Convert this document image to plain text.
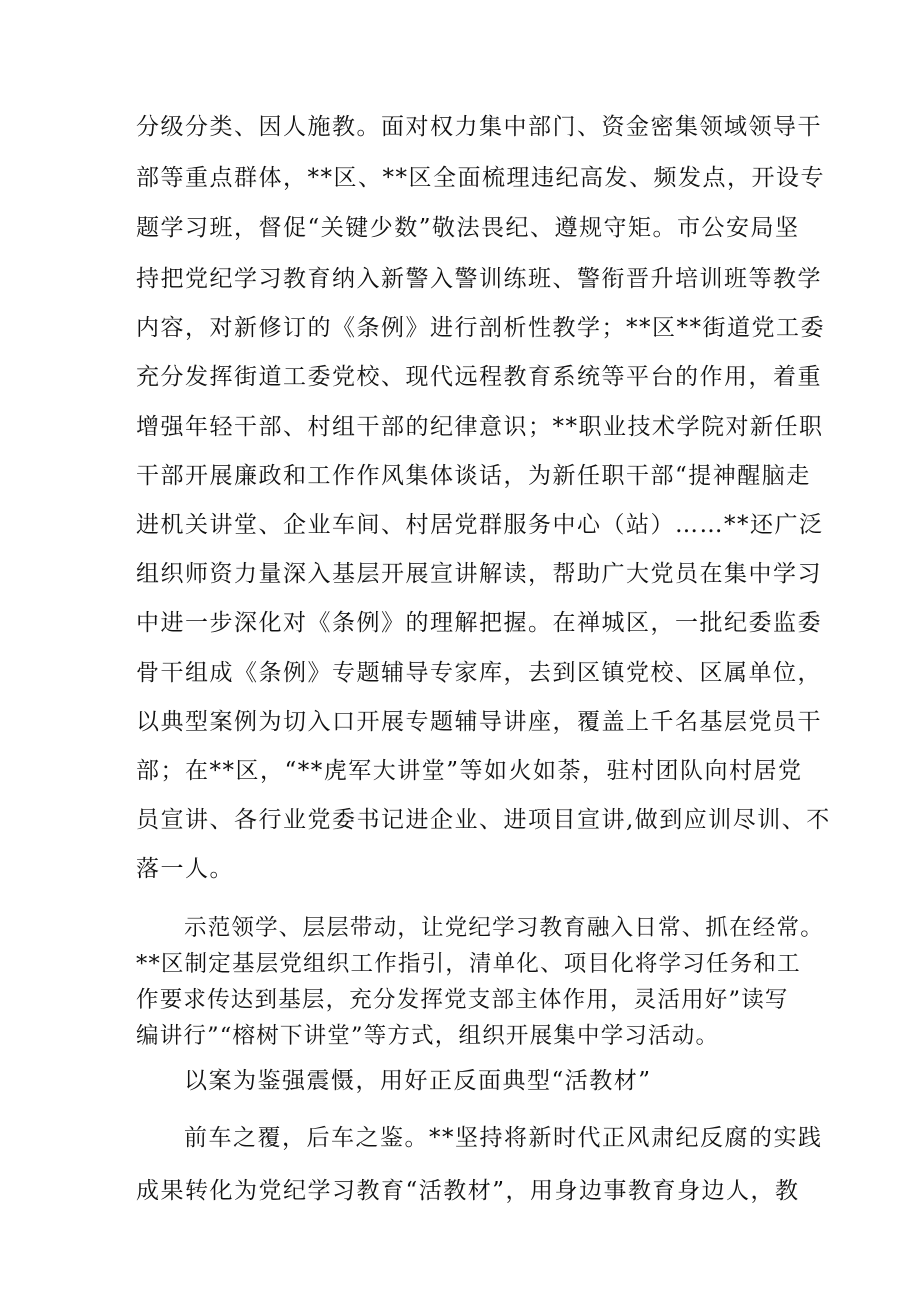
分级分类、因人施教。面对权力集中部门、资金密集领域领导干
部等重点群体，**区、**区全面梳理违纪高发、频发点，开设专
题学习班，督促“关键少数”敬法畏纪、遵规守矩。市公安局坚
持把党纪学习教育纳入新警入警训练班、警衔晋升培训班等教学
内容，对新修订的《条例》进行剖析性教学；**区**街道党工委
充分发挥街道工委党校、现代远程教育系统等平台的作用，着重
增强年轻干部、村组干部的纪律意识；**职业技术学院对新任职
干部开展廉政和工作作风集体谈话，为新任职干部“提神醒脑走
进机关讲堂、企业车间、村居党群服务中心（站）……**还广泛
组织师资力量深入基层开展宣讲解读，帮助广大党员在集中学习
中进一步深化对《条例》的理解把握。在禅城区，一批纪委监委
骨干组成《条例》专题辅导专家库，去到区镇党校、区属单位，
以典型案例为切入口开展专题辅导讲座，覆盖上千名基层党员干
部；在**区，“**虎军大讲堂”等如火如荼，驻村团队向村居党
员宣讲、各行业党委书记进企业、进项目宣讲,做到应训尽训、不
落一人。
示范领学、层层带动，让党纪学习教育融入日常、抓在经常。
**区制定基层党组织工作指引，清单化、项目化将学习任务和工
作要求传达到基层，充分发挥党支部主体作用，灵活用好”读写
编讲行”“榕树下讲堂”等方式，组织开展集中学习活动。
以案为鉴强震慑，用好正反面典型“活教材”
前车之覆，后车之鉴。**坚持将新时代正风肃纪反腐的实践
成果转化为党纪学习教育“活教材”，用身边事教育身边人，教
